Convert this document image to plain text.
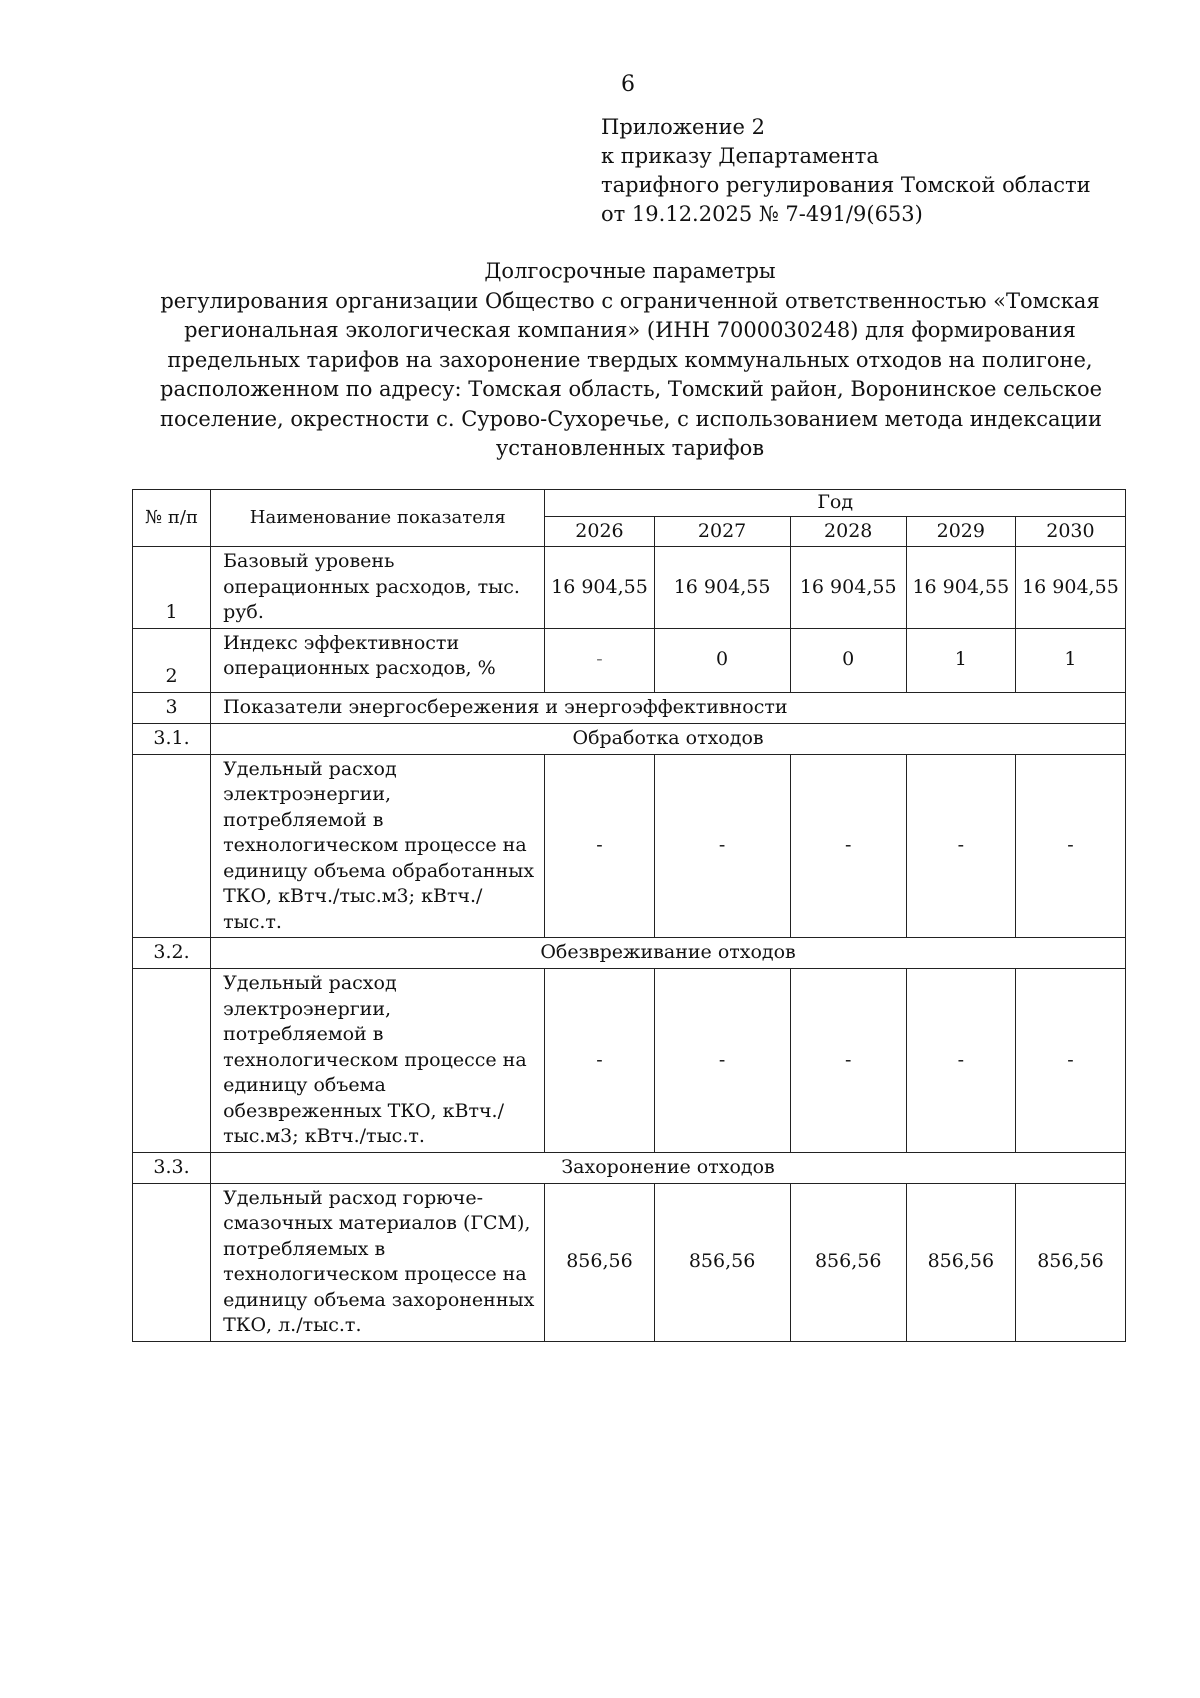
6
Приложение 2
к приказу Департамента
тарифного регулирования Томской области
от 19.12.2025 № 7-491/9(653)
Долгосрочные параметры
регулирования организации Общество с ограниченной ответственностью «Томская
региональная экологическая компания» (ИНН 7000030248) для формирования
предельных тарифов на захоронение твердых коммунальных отходов на полигоне,
расположенном по адресу: Томская область, Томский район, Воронинское сельское
поселение, окрестности с. Сурово-Сухоречье, с использованием метода индексации
установленных тарифов
№ п/п	Наименование показателя	Год				
		2026	2027	2028	2029	2030
1	Базовый уровень операционных расходов, тыс. руб.	16 904,55	16 904,55	16 904,55	16 904,55	16 904,55
2	Индекс эффективности операционных расходов, %	-	0	0	1	1
3	Показатели энергосбережения и энергоэффективности					
3.1.	Обработка отходов					
	Удельный расход электроэнергии, потребляемой в технологическом процессе на единицу объема обработанных ТКО, кВтч./тыс.м3; кВтч./тыс.т.	-	-	-	-	-
3.2.	Обезвреживание отходов					
	Удельный расход электроэнергии, потребляемой в технологическом процессе на единицу объема обезвреженных ТКО, кВтч./тыс.м3; кВтч./тыс.т.	-	-	-	-	-
3.3.	Захоронение отходов					
	Удельный расход горюче-смазочных материалов (ГСМ), потребляемых в технологическом процессе на единицу объема захороненных ТКО, л./тыс.т.	856,56	856,56	856,56	856,56	856,56
